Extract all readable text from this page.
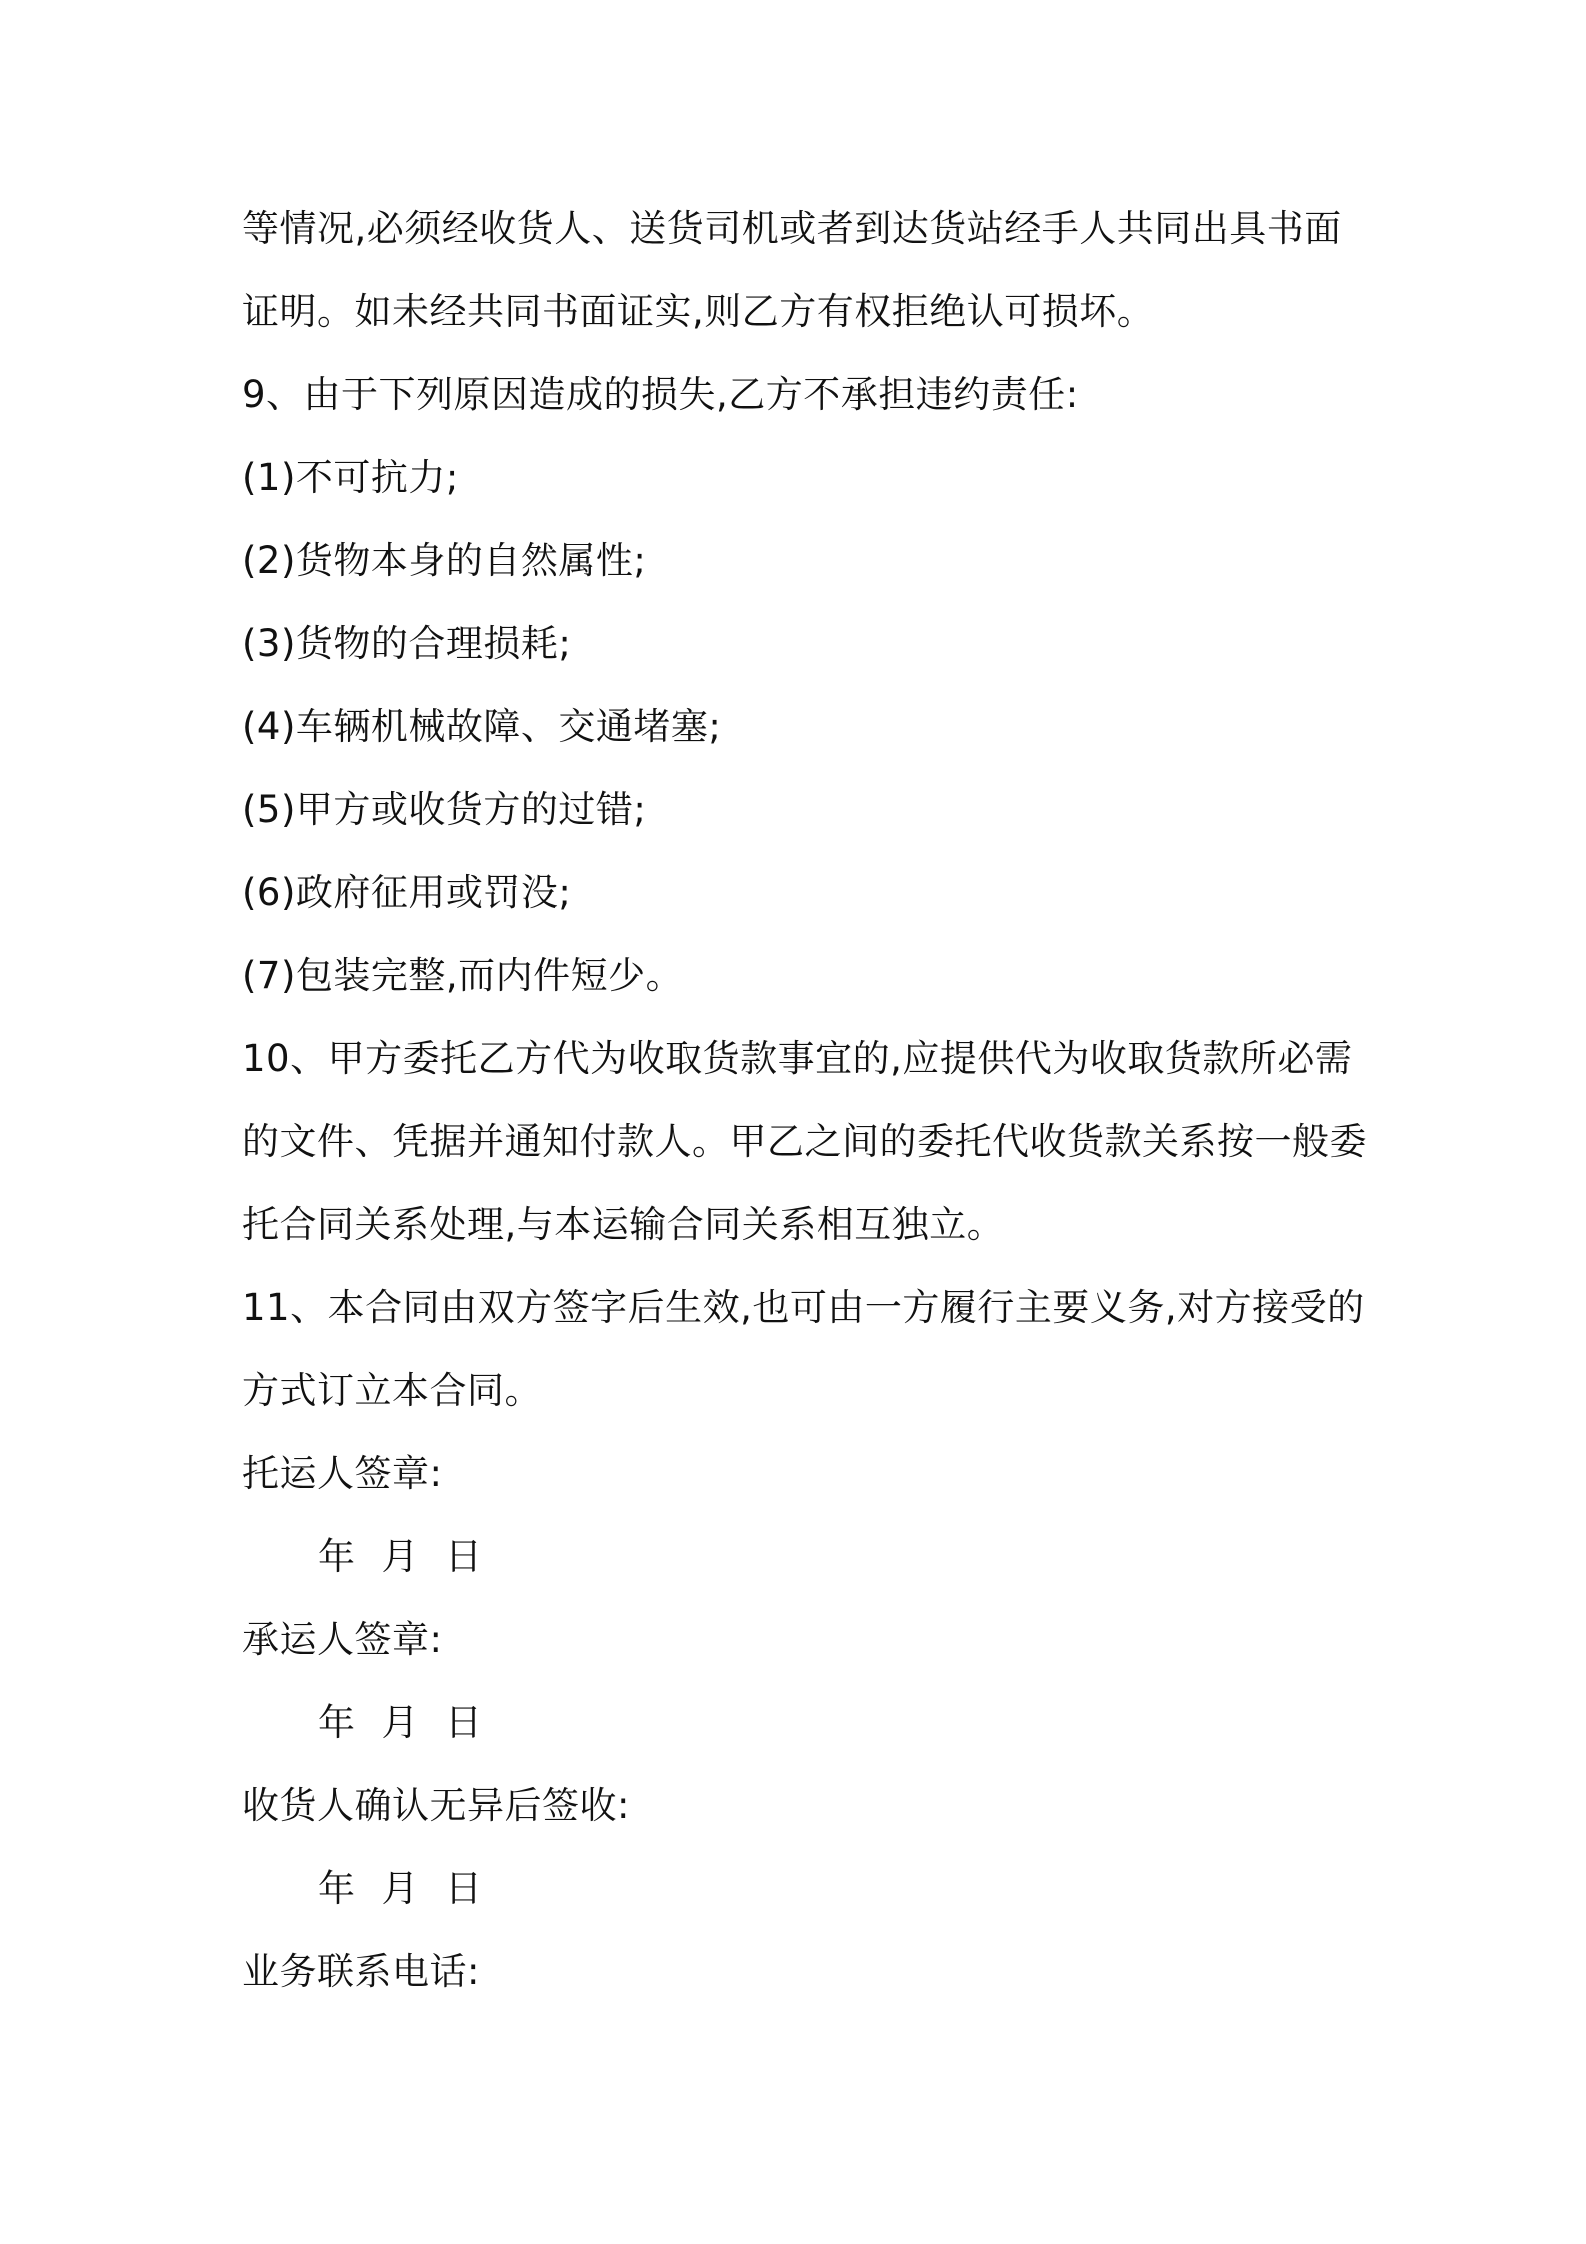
等情况,必须经收货人、送货司机或者到达货站经手人共同出具书面
证明。如未经共同书面证实,则乙方有权拒绝认可损坏。
9、由于下列原因造成的损失,乙方不承担违约责任:
(1)不可抗力;
(2)货物本身的自然属性;
(3)货物的合理损耗;
(4)车辆机械故障、交通堵塞;
(5)甲方或收货方的过错;
(6)政府征用或罚没;
(7)包装完整,而内件短少。
10、甲方委托乙方代为收取货款事宜的,应提供代为收取货款所必需
的文件、凭据并通知付款人。甲乙之间的委托代收货款关系按一般委
托合同关系处理,与本运输合同关系相互独立。
11、本合同由双方签字后生效,也可由一方履行主要义务,对方接受的
方式订立本合同。
托运人签章:
年 月 日
承运人签章:
年 月 日
收货人确认无异后签收:
年 月 日
业务联系电话:
